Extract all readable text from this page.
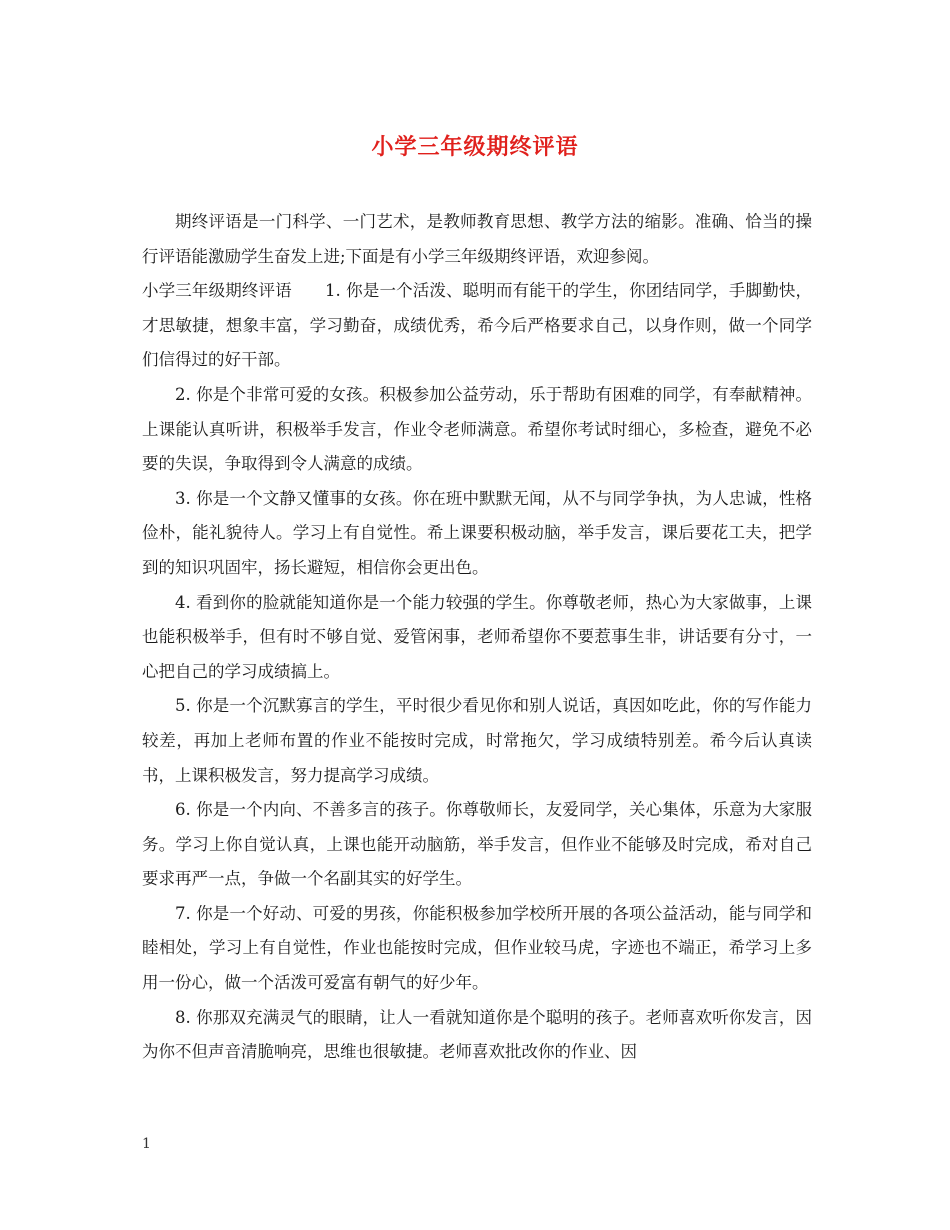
小学三年级期终评语

期终评语是一门科学、一门艺术，是教师教育思想、教学方法的缩影。准确、恰当的操行评语能激励学生奋发上进;下面是有小学三年级期终评语，欢迎参阅。

小学三年级期终评语　　1. 你是一个活泼、聪明而有能干的学生，你团结同学，手脚勤快，才思敏捷，想象丰富，学习勤奋，成绩优秀，希今后严格要求自己，以身作则，做一个同学们信得过的好干部。

2. 你是个非常可爱的女孩。积极参加公益劳动，乐于帮助有困难的同学，有奉献精神。上课能认真听讲，积极举手发言，作业令老师满意。希望你考试时细心，多检查，避免不必要的失误，争取得到令人满意的成绩。

3. 你是一个文静又懂事的女孩。你在班中默默无闻，从不与同学争执，为人忠诚，性格俭朴，能礼貌待人。学习上有自觉性。希上课要积极动脑，举手发言，课后要花工夫，把学到的知识巩固牢，扬长避短，相信你会更出色。

4. 看到你的脸就能知道你是一个能力较强的学生。你尊敬老师，热心为大家做事，上课也能积极举手，但有时不够自觉、爱管闲事，老师希望你不要惹事生非，讲话要有分寸，一心把自己的学习成绩搞上。

5. 你是一个沉默寡言的学生，平时很少看见你和别人说话，真因如吃此，你的写作能力较差，再加上老师布置的作业不能按时完成，时常拖欠，学习成绩特别差。希今后认真读书，上课积极发言，努力提高学习成绩。

6. 你是一个内向、不善多言的孩子。你尊敬师长，友爱同学，关心集体，乐意为大家服务。学习上你自觉认真，上课也能开动脑筋，举手发言，但作业不能够及时完成，希对自己要求再严一点，争做一个名副其实的好学生。

7. 你是一个好动、可爱的男孩，你能积极参加学校所开展的各项公益活动，能与同学和睦相处，学习上有自觉性，作业也能按时完成，但作业较马虎，字迹也不端正，希学习上多用一份心，做一个活泼可爱富有朝气的好少年。

8. 你那双充满灵气的眼睛，让人一看就知道你是个聪明的孩子。老师喜欢听你发言，因为你不但声音清脆响亮，思维也很敏捷。老师喜欢批改你的作业、因

1
